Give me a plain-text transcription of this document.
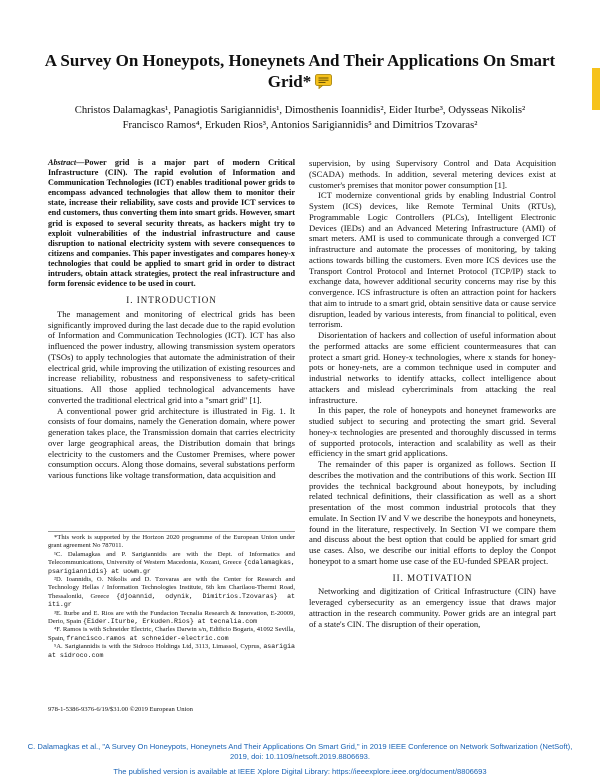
A Survey On Honeypots, Honeynets And Their Applications On Smart Grid*
Christos Dalamagkas¹, Panagiotis Sarigiannidis¹, Dimosthenis Ioannidis², Eider Iturbe³, Odysseas Nikolis²
Francisco Ramos⁴, Erkuden Rios³, Antonios Sarigiannidis⁵ and Dimitrios Tzovaras²
Abstract—Power grid is a major part of modern Critical Infrastructure (CIN). The rapid evolution of Information and Communication Technologies (ICT) enables traditional power grids to encompass advanced technologies that allow them to monitor their state, increase their reliability, save costs and provide ICT services to end customers, thus converting them into smart grids. However, smart grid is exposed to several security threats, as hackers might try to exploit vulnerabilities of the industrial infrastructure and cause disruption to national electricity system with severe consequences to citizens and companies. This paper investigates and compares honey-x technologies that could be applied to smart grid in order to distract intruders, obtain attack strategies, protect the real infrastructure and form forensic evidence to be used in court.
I. INTRODUCTION

The management and monitoring of electrical grids has been significantly improved during the last decade due to the rapid evolution of Information and Communication Technologies (ICT). ICT has also influenced the power industry, allowing transmission system operators (TSOs) to apply technologies that automate the administration of their electrical grid, while improving the utilization of existing resources and increase reliability, robustness and responsiveness to safety-critical situations. All those applied technological advancements have converted the traditional electrical grid into a "smart grid" [1].

A conventional power grid architecture is illustrated in Fig. 1. It consists of four domains, namely the Generation domain, where power generation takes place, the Transmission domain that carries electricity over large geographical areas, the Distribution domain that brings electricity to the customers and the Customer Premises, where power consumption occurs. Along those domains, several substations perform various functions like voltage transformation, data acquisition and

*This work is supported by the Horizon 2020 programme of the European Union under grant agreement No 787011.

¹C. Dalamagkas and P. Sarigiannidis are with the Dept. of Informatics and Telecommunications, University of Western Macedonia, Kozani, Greece {cdalamagkas, psarigiannidis} at uowm.gr

²D. Ioannidis, O. Nikolis and D. Tzovaras are with the Center for Research and Technology Hellas / Information Technologies Institute, 6th km Charilaou-Thermi Road, Thessaloniki, Greece {djoannid, odynik, Dimitrios.Tzovaras} at iti.gr

³E. Iturbe and E. Rios are with the Fundacion Tecnalia Research & Innovation, E-20009, Derio, Spain {Eider.Iturbe, Erkuden.Rios} at tecnalia.com

⁴F. Ramos is with Schneider Electric, Charles Darwin s/n, Edificio Bogaris, 41092 Sevilla, Spain, francisco.ramos at schneider-electric.com

⁵A. Sarigiannidis is with the Sidroco Holdings Ltd, 3113, Limassol, Cyprus, asarigia at sidroco.com

978-1-5386-9376-6/19/$31.00 ©2019 European Union

supervision, by using Supervisory Control and Data Acquisition (SCADA) methods. In addition, several metering devices exist at customer's premises that monitor power consumption [1].

ICT modernize conventional grids by enabling Industrial Control System (ICS) devices, like Remote Terminal Units (RTUs), Programmable Logic Controllers (PLCs), Intelligent Electronic Devices (IEDs) and an Advanced Metering Infrastructure (AMI) of smart meters. AMI is used to communicate through a converged ICT infrastructure and automate the processes of monitoring, by taking actions towards billing the customers. Even more ICS devices use the Transport Control Protocol and Internet Protocol (TCP/IP) stack to exchange data, however additional security concerns may rise by this convergence. ICS infrastructure is often an attraction point for hackers that aim to intrude to a smart grid, obtain sensitive data or cause service disruption, leaded by various interests, from financial to political, even terrorism.

Disorientation of hackers and collection of useful information about the performed attacks are some efficient countermeasures that can protect a smart grid. Honey-x technologies, where x stands for honey-pots or honey-nets, are a common technique used in computer and industrial networks to identify attacks, collect intelligence about attackers and mislead cybercriminals from attacking the real infrastructure.

In this paper, the role of honeypots and honeynet frameworks are studied subject to securing and protecting the smart grid. Several honey-x technologies are presented and thoroughly discussed in terms of supported protocols, interaction and scalability as well as their efficiency in the smart grid applications.

The remainder of this paper is organized as follows. Section II describes the motivation and the contributions of this work. Section III provides the technical background about honeypots, by including related technical definitions, their classification as well as a short presentation of the most common industrial protocols that they emulate. In Section IV and V we describe the honeypots and honeynets, found in the literature, respectively. In Section VI we compare them and discuss about the best option that could be applied for smart grid use cases. Also, we describe our initial efforts to deploy the Conpot honeypot to a smart home use case of the EU-funded SPEAR project.

II. MOTIVATION

Networking and digitization of Critical Infrastructure (CIN) have leveraged cybersecurity as an emergency issue that draws major attraction in the research community. Power grids are an integral part of a state's CIN. The disruption of their operation,

C. Dalamagkas et al., "A Survey On Honeypots, Honeynets And Their Applications On Smart Grid," in 2019 IEEE Conference on Network Softwarization (NetSoft), 2019, doi: 10.1109/netsoft.2019.8806693.
The published version is available at IEEE Xplore Digital Library: https://ieeexplore.ieee.org/document/8806693
